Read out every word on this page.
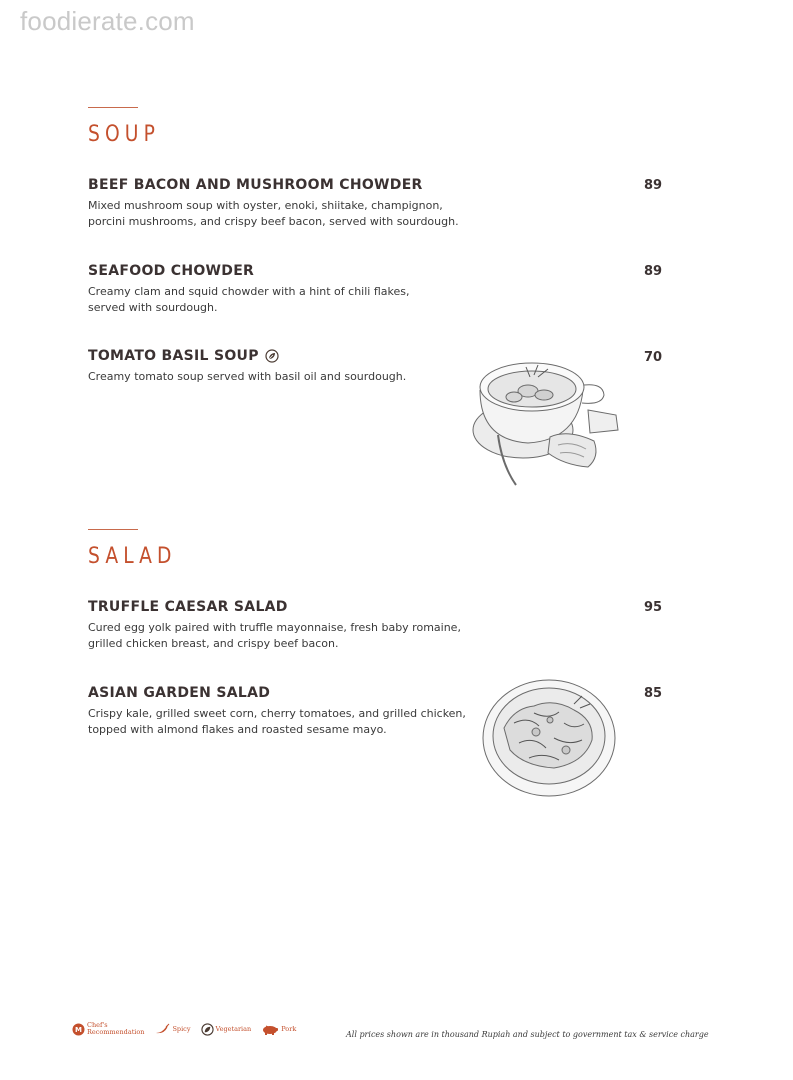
foodierate.com
SOUP
BEEF BACON AND MUSHROOM CHOWDER
Mixed mushroom soup with oyster, enoki, shiitake, champignon,
porcini mushrooms, and crispy beef bacon, served with sourdough.
89
SEAFOOD CHOWDER
Creamy clam and squid chowder with a hint of chili flakes,
served with sourdough.
89
TOMATO BASIL SOUP
Creamy tomato soup served with basil oil and sourdough.
70
SALAD
TRUFFLE CAESAR SALAD
Cured egg yolk paired with truffle mayonnaise, fresh baby romaine,
grilled chicken breast, and crispy beef bacon.
95
ASIAN GARDEN SALAD
Crispy kale, grilled sweet corn, cherry tomatoes, and grilled chicken,
topped with almond flakes and roasted sesame mayo.
85
M
Chef's
Recommendation	Spicy	Vegetarian	Pork
All prices shown are in thousand Rupiah and subject to government tax & service charge
